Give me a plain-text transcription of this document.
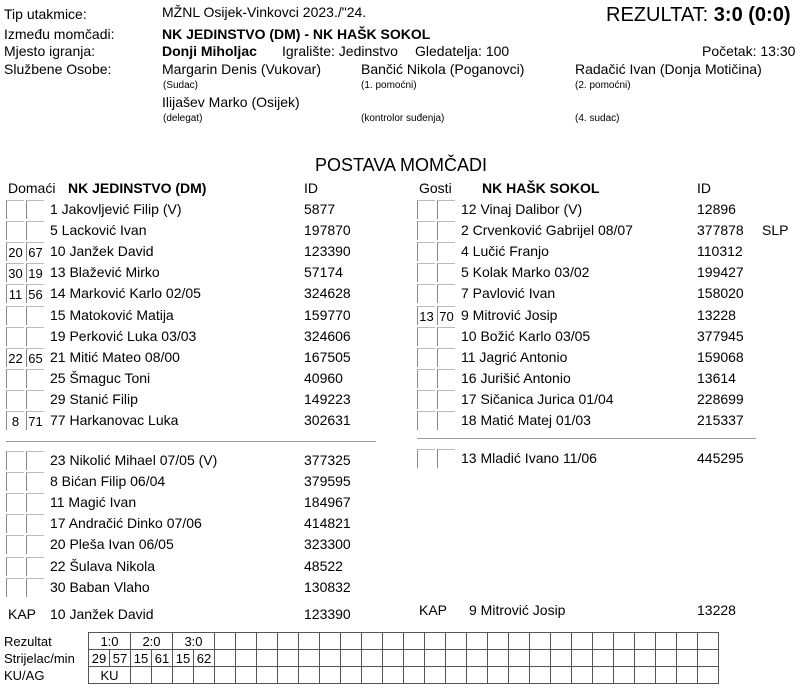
Tip utakmice:	MŽNL Osijek-Vinkovci 2023./"24.	REZULTAT: 3:0 (0:0)
Između momčadi:	NK JEDINSTVO (DM) - NK HAŠK SOKOL
Mjesto igranja:	Donji Miholjac Igralište: Jedinstvo Gledatelja: 100	Početak: 13:30
Službene Osobe:	Margarin Denis (Vukovar)
(Sudac)
Bančić Nikola (Poganovci)
(1. pomoćni)
Radačić Ivan (Donja Motičina)
(2. pomoćni)
Ilijašev Marko (Osijek)
(delegat)	(kontrolor suđenja)	(4. sudac)
POSTAVA MOMČADI
Domaći NK JEDINSTVO (DM)	ID	Gosti NK HAŠK SOKOL	ID
1 Jakovljević Filip (V)	5877
5 Lacković Ivan	197870
20 67 10 Janžek David	123390
30 19 13 Blažević Mirko	57174
11 56 14 Marković Karlo 02/05	324628
15 Matoković Matija	159770
19 Perković Luka 03/03	324606
22 65 21 Mitić Mateo 08/00	167505
25 Šmaguc Toni	40960
29 Stanić Filip	149223
8 71 77 Harkanovac Luka	302631
23 Nikolić Mihael 07/05 (V)	377325
8 Bićan Filip 06/04	379595
11 Magić Ivan	184967
17 Andračić Dinko 07/06	414821
20 Pleša Ivan 06/05	323300
22 Šulava Nikola	48522
30 Baban Vlaho	130832
12 Vinaj Dalibor (V)	12896
2 Crvenković Gabrijel 08/07	377878 SLP
4 Lučić Franjo	110312
5 Kolak Marko 03/02	199427
7 Pavlović Ivan	158020
13 70 9 Mitrović Josip	13228
10 Božić Karlo 03/05	377945
11 Jagrić Antonio	159068
16 Jurišić Antonio	13614
17 Sičanica Jurica 01/04	228699
18 Matić Matej 01/03	215337
13 Mladić Ivano 11/06	445295
KAP 10 Janžek David	123390	KAP 9 Mitrović Josip	13228
Rezultat	1:0		2:0		3:0																									
Strijelac/min	29	57	15	61	15	62																								
KU/AG	KU																													
